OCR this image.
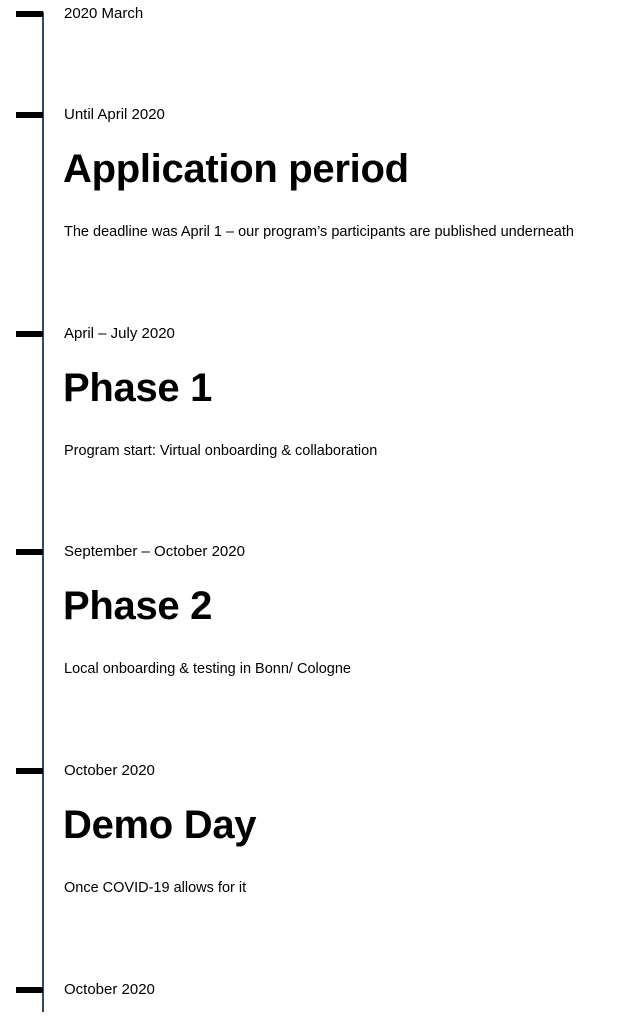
2020 March
Until April 2020
Application period
The deadline was April 1 – our program’s participants are published underneath
April – July 2020
Phase 1
Program start: Virtual onboarding & collaboration
September – October 2020
Phase 2
Local onboarding & testing in Bonn/ Cologne
October 2020
Demo Day
Once COVID-19 allows for it
October 2020
